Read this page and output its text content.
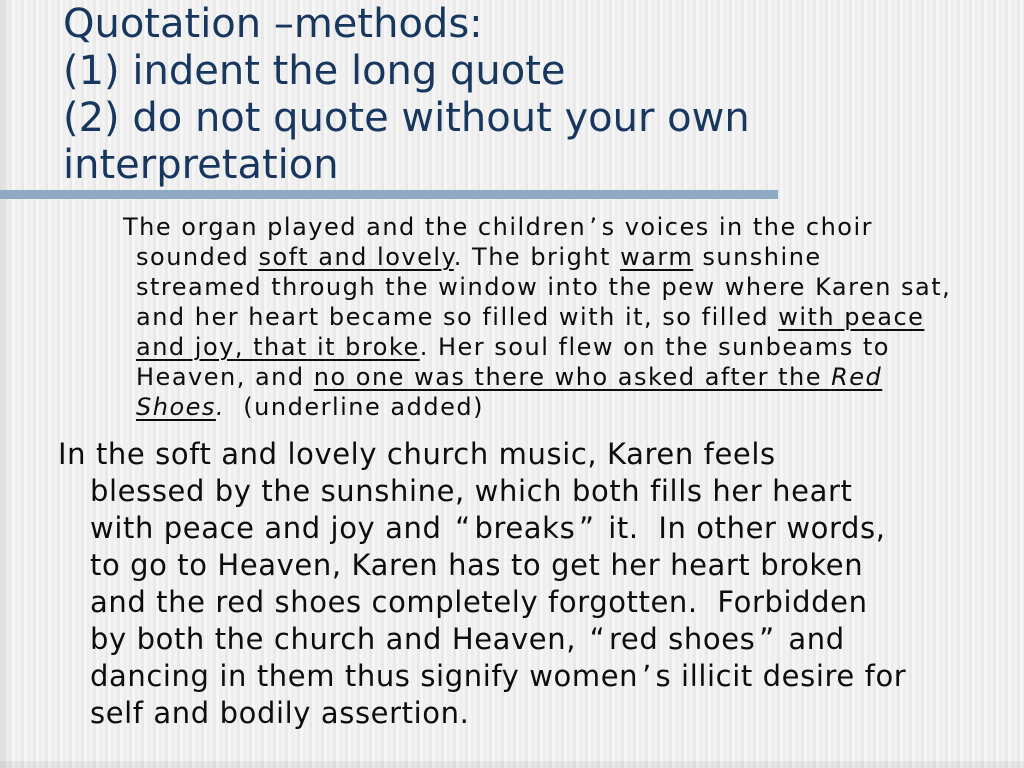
Quotation –methods:
(1) indent the long quote
(2) do not quote without your own
interpretation
The organ played and the children ’ s voices in the choir
sounded soft and lovely. The bright warm sunshine
streamed through the window into the pew where Karen sat,
and her heart became so filled with it, so filled with peace
and joy, that it broke. Her soul flew on the sunbeams to
Heaven, and no one was there who asked after the Red
Shoes.  (underline added)
In the soft and lovely church music, Karen feels
blessed by the sunshine, which both fills her heart
with peace and joy and “ breaks ” it.  In other words,
to go to Heaven, Karen has to get her heart broken
and the red shoes completely forgotten.  Forbidden
by both the church and Heaven, “ red shoes ” and
dancing in them thus signify women ’ s illicit desire for
self and bodily assertion.
